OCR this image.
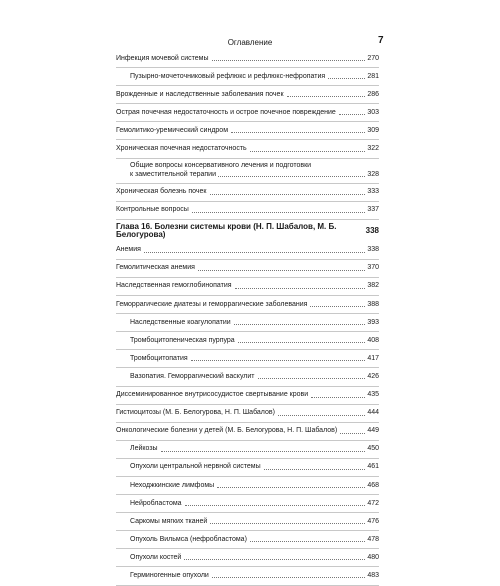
Оглавление	7
Инфекция мочевой системы	270
Пузырно-мочеточниковый рефлюкс и рефлюкс-нефропатия	281
Врожденные и наследственные заболевания почек	286
Острая почечная недостаточность и острое почечное повреждение	303
Гемолитико-уремический синдром	309
Хроническая почечная недостаточность	322
Общие вопросы консервативного лечения и подготовки
к заместительной терапии	328
Хроническая болезнь почек	333
Контрольные вопросы	337
Глава 16. Болезни системы крови (Н. П. Шабалов, М. Б. Белогурова)	338
Анемия	338
Гемолитическая анемия	370
Наследственная гемоглобинопатия	382
Геморрагические диатезы и геморрагические заболевания	388
Наследственные коагулопатии	393
Тромбоцитопеническая пурпура	408
Тромбоцитопатия	417
Вазопатия. Геморрагический васкулит	426
Диссеминированное внутрисосудистое свертывание крови	435
Гистиоцитозы (М. Б. Белогурова, Н. П. Шабалов)	444
Онкологические болезни у детей (М. Б. Белогурова, Н. П. Шабалов)	449
Лейкозы	450
Опухоли центральной нервной системы	461
Неходжкинские лимфомы	468
Нейробластома	472
Саркомы мягких тканей	476
Опухоль Вильмса (нефробластома)	478
Опухоли костей	480
Герминогенные опухоли	483
